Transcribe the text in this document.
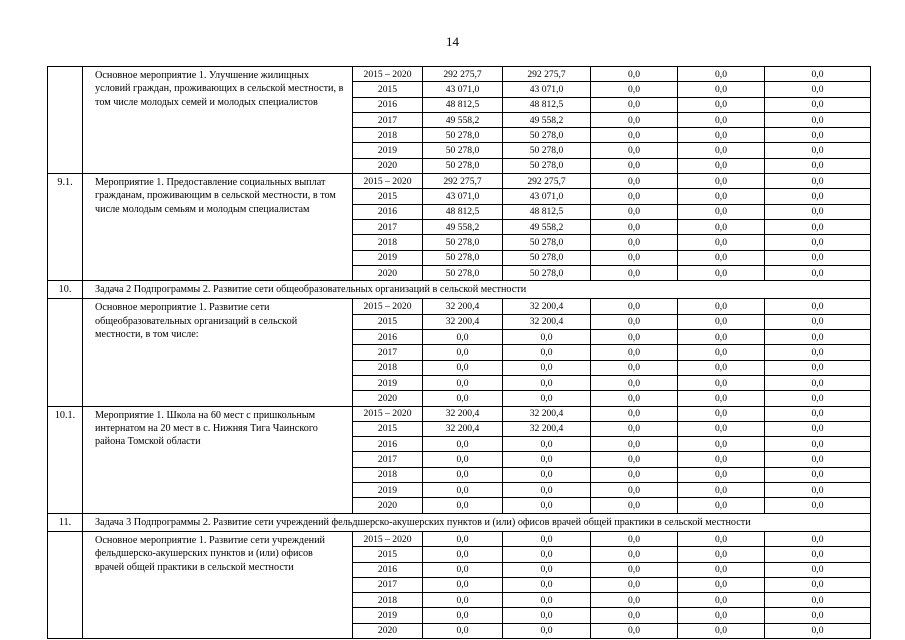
14
	Основное мероприятие 1. Улучшение жилищных условий граждан, проживающих в сельской местности, в том числе молодых семей и молодых специалистов	2015 – 2020	292 275,7	292 275,7	0,0	0,0	0,0
		2015	43 071,0	43 071,0	0,0	0,0	0,0
		2016	48 812,5	48 812,5	0,0	0,0	0,0
		2017	49 558,2	49 558,2	0,0	0,0	0,0
		2018	50 278,0	50 278,0	0,0	0,0	0,0
		2019	50 278,0	50 278,0	0,0	0,0	0,0
		2020	50 278,0	50 278,0	0,0	0,0	0,0
9.1.	Мероприятие 1. Предоставление социальных выплат гражданам, проживающим в сельской местности, в том числе молодым семьям и молодым специалистам	2015 – 2020	292 275,7	292 275,7	0,0	0,0	0,0
		2015	43 071,0	43 071,0	0,0	0,0	0,0
		2016	48 812,5	48 812,5	0,0	0,0	0,0
		2017	49 558,2	49 558,2	0,0	0,0	0,0
		2018	50 278,0	50 278,0	0,0	0,0	0,0
		2019	50 278,0	50 278,0	0,0	0,0	0,0
		2020	50 278,0	50 278,0	0,0	0,0	0,0
10.	Задача 2 Подпрограммы 2. Развитие сети общеобразовательных организаций в сельской местности						
	Основное мероприятие 1. Развитие сети общеобразовательных организаций в сельской местности, в том числе:	2015 – 2020	32 200,4	32 200,4	0,0	0,0	0,0
		2015	32 200,4	32 200,4	0,0	0,0	0,0
		2016	0,0	0,0	0,0	0,0	0,0
		2017	0,0	0,0	0,0	0,0	0,0
		2018	0,0	0,0	0,0	0,0	0,0
		2019	0,0	0,0	0,0	0,0	0,0
		2020	0,0	0,0	0,0	0,0	0,0
10.1.	Мероприятие 1. Школа на 60 мест с пришкольным интернатом на 20 мест в с. Нижняя Тига Чаинского района Томской области	2015 – 2020	32 200,4	32 200,4	0,0	0,0	0,0
		2015	32 200,4	32 200,4	0,0	0,0	0,0
		2016	0,0	0,0	0,0	0,0	0,0
		2017	0,0	0,0	0,0	0,0	0,0
		2018	0,0	0,0	0,0	0,0	0,0
		2019	0,0	0,0	0,0	0,0	0,0
		2020	0,0	0,0	0,0	0,0	0,0
11.	Задача 3 Подпрограммы 2. Развитие сети учреждений фельдшерско-акушерских пунктов и (или) офисов врачей общей практики в сельской местности						
	Основное мероприятие 1. Развитие сети учреждений фельдшерско-акушерских пунктов и (или) офисов врачей общей практики в сельской местности	2015 – 2020	0,0	0,0	0,0	0,0	0,0
		2015	0,0	0,0	0,0	0,0	0,0
		2016	0,0	0,0	0,0	0,0	0,0
		2017	0,0	0,0	0,0	0,0	0,0
		2018	0,0	0,0	0,0	0,0	0,0
		2019	0,0	0,0	0,0	0,0	0,0
		2020	0,0	0,0	0,0	0,0	0,0
